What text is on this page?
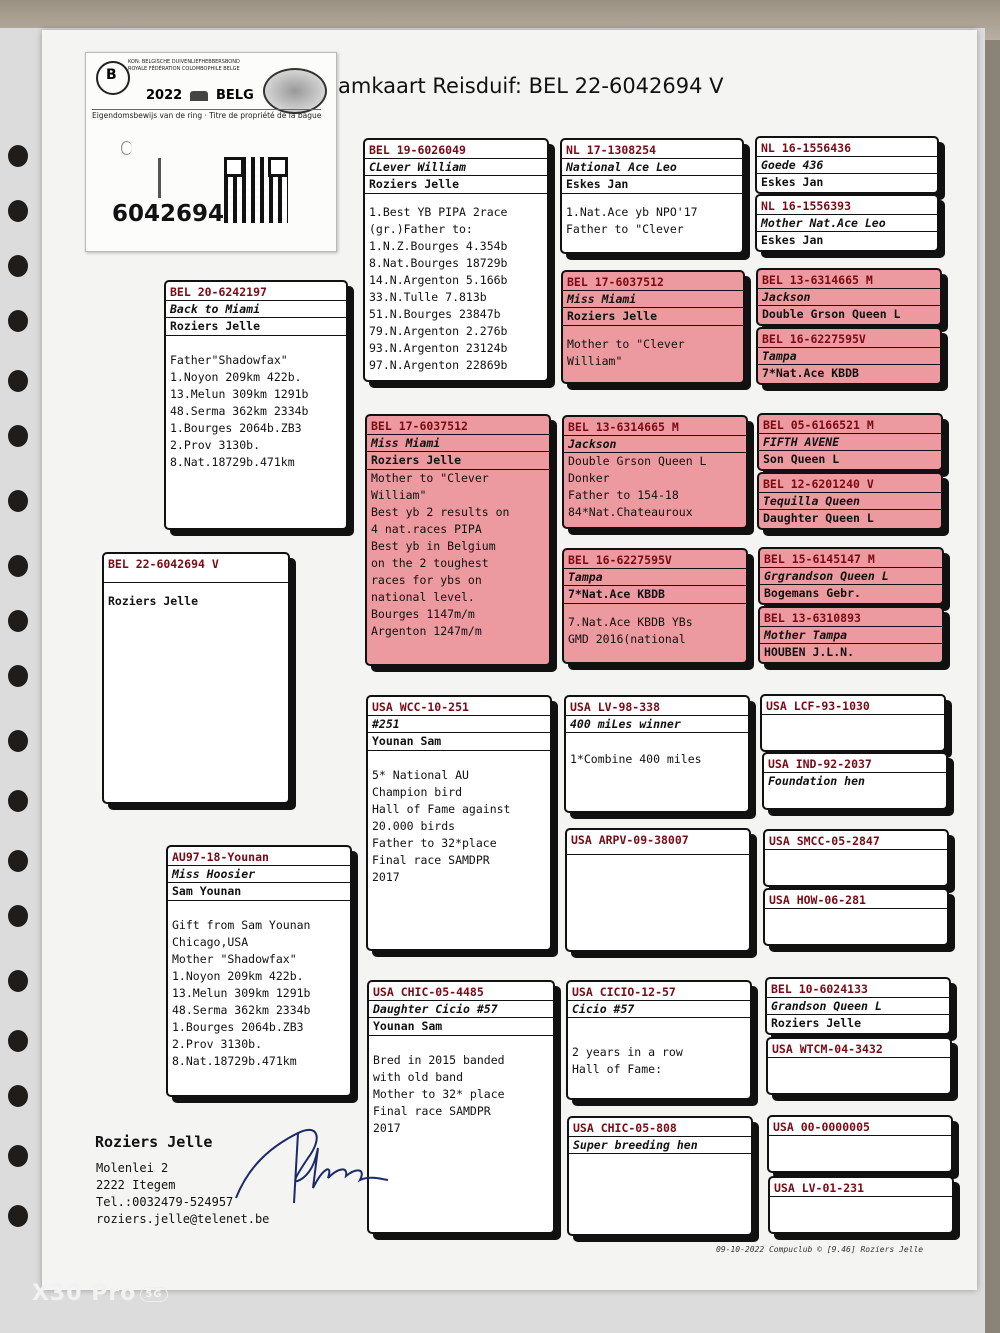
amkaart Reisduif: BEL 22-6042694 V
B
KON. BELGISCHE DUIVENLIEFHEBBERSBOND
ROYALE FÉDÉRATION COLOMBOPHILE BELGE
2022	BELG
Eigendomsbewijs van de ring · Titre de propriété de la bague
6042694
BEL 22-6042694 V
Roziers Jelle
BEL 20-6242197
Back to Miami
Roziers Jelle
Father"Shadowfax"
1.Noyon 209km 422b.
13.Melun 309km 1291b
48.Serma 362km 2334b
1.Bourges 2064b.ZB3
2.Prov 3130b.
8.Nat.18729b.471km
AU97-18-Younan
Miss Hoosier
Sam Younan
Gift from Sam Younan
Chicago,USA
Mother "Shadowfax"
1.Noyon 209km 422b.
13.Melun 309km 1291b
48.Serma 362km 2334b
1.Bourges 2064b.ZB3
2.Prov 3130b.
8.Nat.18729b.471km
BEL 19-6026049
CLever William
Roziers Jelle
1.Best YB PIPA 2race
(gr.)Father to:
1.N.Z.Bourges 4.354b
8.Nat.Bourges 18729b
14.N.Argenton 5.166b
33.N.Tulle 7.813b
51.N.Bourges 23847b
79.N.Argenton 2.276b
93.N.Argenton 23124b
97.N.Argenton 22869b
BEL 17-6037512
Miss Miami
Roziers Jelle
Mother to "Clever
William"
Best yb 2 results on
4 nat.races PIPA
Best yb in Belgium
on the 2 toughest
races for ybs on
national level.
Bourges 1147m/m
Argenton 1247m/m
USA WCC-10-251
#251
Younan Sam
5* National AU
Champion bird
Hall of Fame against
20.000 birds
Father to 32*place
Final race SAMDPR
2017
USA CHIC-05-4485
Daughter Cicio #57
Younan Sam
Bred in 2015 banded
with old band
Mother to 32* place
Final race SAMDPR
2017
NL 17-1308254
National Ace Leo
Eskes Jan
1.Nat.Ace yb NPO'17
Father to "Clever
BEL 17-6037512
Miss Miami
Roziers Jelle
Mother to "Clever
William"
BEL 13-6314665 M
Jackson
Double Grson Queen L
Donker
Father to 154-18
84*Nat.Chateauroux
BEL 16-6227595V
Tampa
7*Nat.Ace KBDB
7.Nat.Ace KBDB YBs
GMD 2016(national
USA LV-98-338
400 miLes winner
1*Combine 400 miles
USA ARPV-09-38007
USA CICIO-12-57
Cicio #57
2 years in a row
Hall of Fame:
USA CHIC-05-808
Super breeding hen
NL 16-1556436
Goede 436
Eskes Jan
NL 16-1556393
Mother Nat.Ace Leo
Eskes Jan
BEL 13-6314665 M
Jackson
Double Grson Queen L
BEL 16-6227595V
Tampa
7*Nat.Ace KBDB
BEL 05-6166521 M
FIFTH AVENE
Son Queen L
BEL 12-6201240 V
Tequilla Queen
Daughter Queen L
BEL 15-6145147 M
Grgrandson Queen L
Bogemans Gebr.
BEL 13-6310893
Mother Tampa
HOUBEN J.L.N.
USA LCF-93-1030
USA IND-92-2037
Foundation hen
USA SMCC-05-2847
USA HOW-06-281
BEL 10-6024133
Grandson Queen L
Roziers Jelle
USA WTCM-04-3432
USA 00-0000005
USA LV-01-231
Roziers Jelle
Molenlei 2
2222 Itegem
Tel.:0032479-524957
roziers.jelle@telenet.be
09-10-2022 Compuclub © [9.46] Roziers Jelle
X30 Pro 5G
